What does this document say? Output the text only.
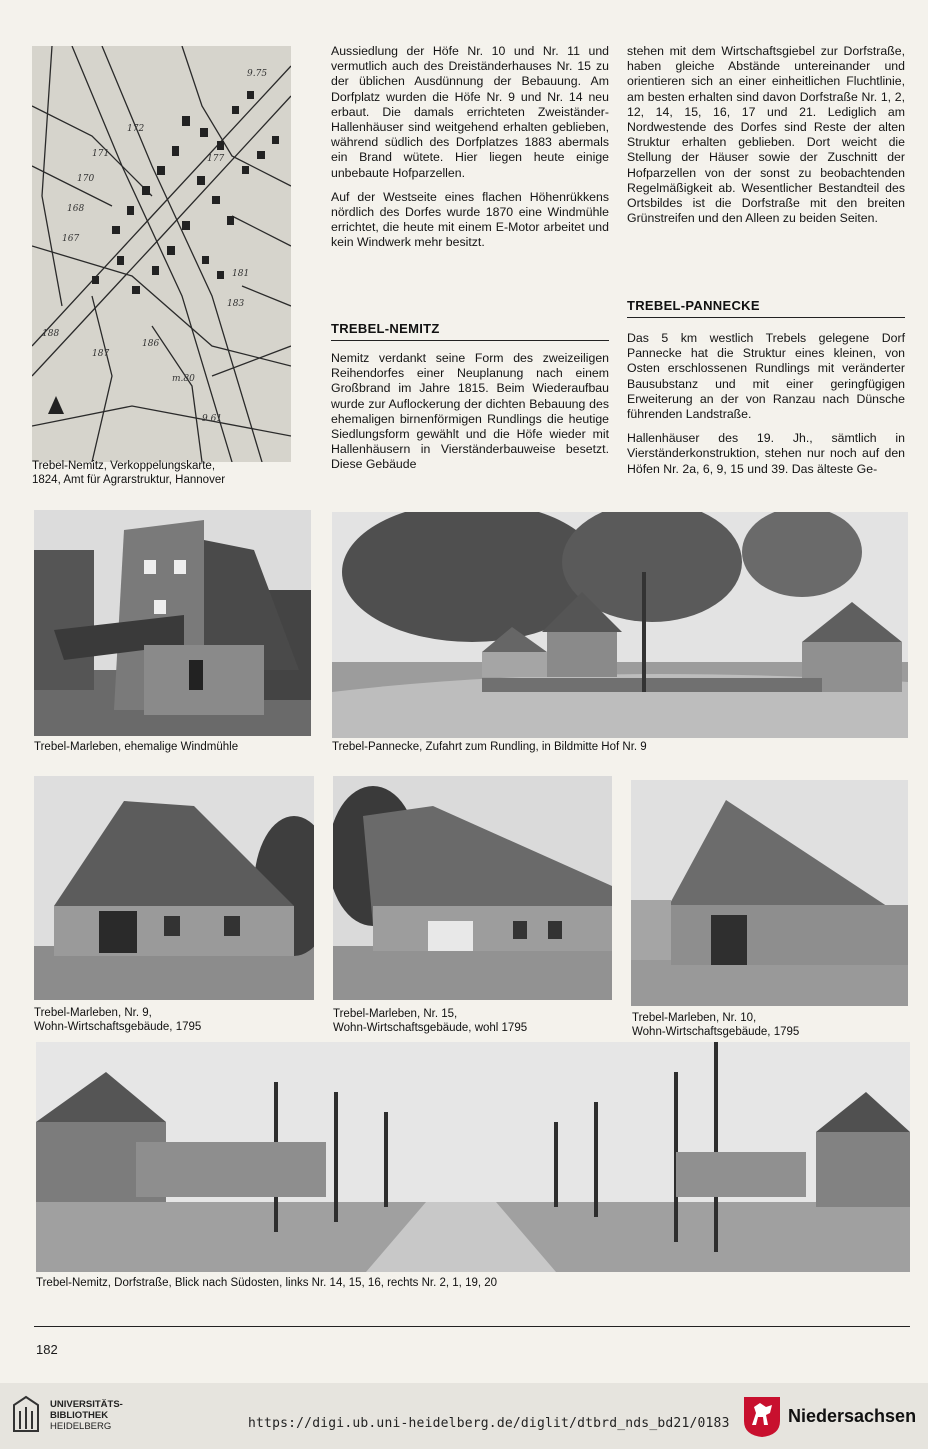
172
171
170
168
167
177
181
183
186
187
188
m.80
9.61
9.75
Trebel-Nemitz, Verkoppelungskarte,
1824, Amt für Agrarstruktur, Hannover

Aussiedlung der Höfe Nr. 10 und Nr. 11 und vermutlich auch des Dreiständerhauses Nr. 15 zu der üblichen Ausdünnung der Bebauung. Am Dorfplatz wurden die Höfe Nr. 9 und Nr. 14 neu erbaut. Die damals errichteten Zweiständer-Hallenhäuser sind weitgehend erhalten geblieben, während südlich des Dorfplatzes 1883 abermals ein Brand wütete. Hier liegen heute einige unbebaute Hofparzellen.

Auf der Westseite eines flachen Höhenrükkens nördlich des Dorfes wurde 1870 eine Windmühle errichtet, die heute mit einem E-Motor arbeitet und kein Windwerk mehr besitzt.

TREBEL-NEMITZ

Nemitz verdankt seine Form des zweizeiligen Reihendorfes einer Neuplanung nach einem Großbrand im Jahre 1815. Beim Wiederaufbau wurde zur Auflockerung der dichten Bebauung des ehemaligen birnenförmigen Rundlings die heutige Siedlungsform gewählt und die Höfe wieder mit Hallenhäusern in Vierständerbauweise besetzt. Diese Gebäude

stehen mit dem Wirtschaftsgiebel zur Dorfstraße, haben gleiche Abstände untereinander und orientieren sich an einer einheitlichen Fluchtlinie, am besten erhalten sind davon Dorfstraße Nr. 1, 2, 12, 14, 15, 16, 17 und 21. Lediglich am Nordwestende des Dorfes sind Reste der alten Struktur erhalten geblieben. Dort weicht die Stellung der Häuser sowie der Zuschnitt der Hofparzellen von der sonst zu beobachtenden Regelmäßigkeit ab. Wesentlicher Bestandteil des Ortsbildes ist die Dorfstraße mit den breiten Grünstreifen und den Alleen zu beiden Seiten.

TREBEL-PANNECKE

Das 5 km westlich Trebels gelegene Dorf Pannecke hat die Struktur eines kleinen, von Osten erschlossenen Rundlings mit veränderter Bausubstanz und mit einer geringfügigen Erweiterung an der von Ranzau nach Dünsche führenden Landstraße.

Hallenhäuser des 19. Jh., sämtlich in Vierständerkonstruktion, stehen nur noch auf den Höfen Nr. 2a, 6, 9, 15 und 39. Das älteste Ge-

Trebel-Marleben, ehemalige Windmühle	Trebel-Pannecke, Zufahrt zum Rundling, in Bildmitte Hof Nr. 9
Trebel-Marleben, Nr. 9,
Wohn-Wirtschaftsgebäude, 1795
Trebel-Marleben, Nr. 15,
Wohn-Wirtschaftsgebäude, wohl 1795
Trebel-Marleben, Nr. 10,
Wohn-Wirtschaftsgebäude, 1795
Trebel-Nemitz, Dorfstraße, Blick nach Südosten, links Nr. 14, 15, 16, rechts Nr. 2, 1, 19, 20
182
UNIVERSITÄTS-
BIBLIOTHEK
HEIDELBERG	https://digi.ub.uni-heidelberg.de/diglit/dtbrd_nds_bd21/0183	Niedersachsen
